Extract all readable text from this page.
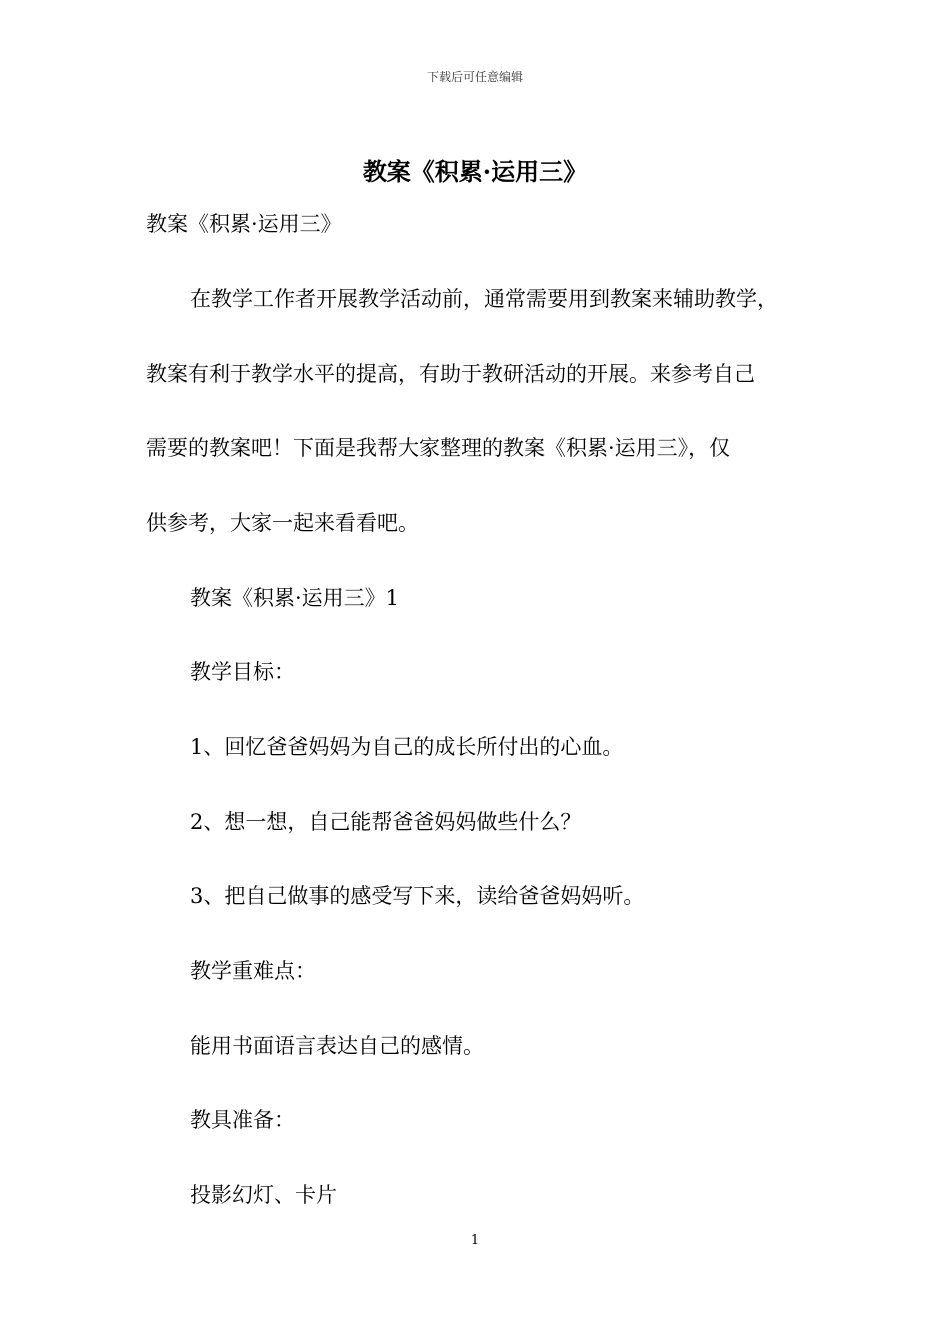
下载后可任意编辑
教案《积累·运用三》

教案《积累·运用三》

在教学工作者开展教学活动前，通常需要用到教案来辅助教学，

教案有利于教学水平的提高，有助于教研活动的开展。来参考自己

需要的教案吧！下面是我帮大家整理的教案《积累·运用三》，仅

供参考，大家一起来看看吧。

教案《积累·运用三》1

教学目标：

1、回忆爸爸妈妈为自己的成长所付出的心血。

2、想一想，自己能帮爸爸妈妈做些什么？

3、把自己做事的感受写下来，读给爸爸妈妈听。

教学重难点：

能用书面语言表达自己的感情。

教具准备：

投影幻灯、卡片

1
